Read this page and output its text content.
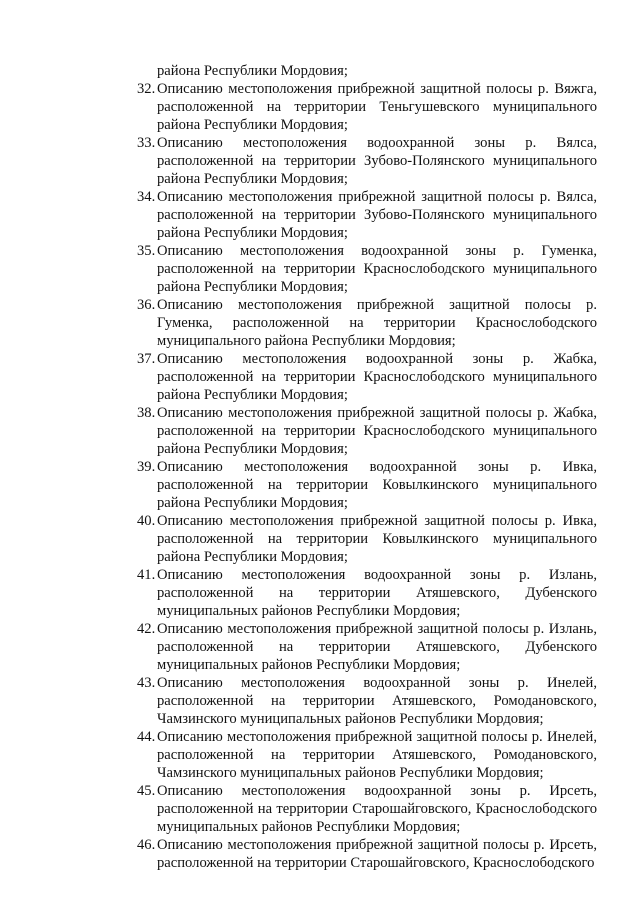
района Республики Мордовия;
32. Описанию местоположения прибрежной защитной полосы р. Вяжга, расположенной на территории Теньгушевского муниципального района Республики Мордовия;
33. Описанию местоположения водоохранной зоны р. Вялса, расположенной на территории Зубово-Полянского муниципального района Республики Мордовия;
34. Описанию местоположения прибрежной защитной полосы р. Вялса, расположенной на территории Зубово-Полянского муниципального района Республики Мордовия;
35. Описанию местоположения водоохранной зоны р. Гуменка, расположенной на территории Краснослободского муниципального района Республики Мордовия;
36. Описанию местоположения прибрежной защитной полосы р. Гуменка, расположенной на территории Краснослободского муниципального района Республики Мордовия;
37. Описанию местоположения водоохранной зоны р. Жабка, расположенной на территории Краснослободского муниципального района Республики Мордовия;
38. Описанию местоположения прибрежной защитной полосы р. Жабка, расположенной на территории Краснослободского муниципального района Республики Мордовия;
39. Описанию местоположения водоохранной зоны р. Ивка, расположенной на территории Ковылкинского муниципального района Республики Мордовия;
40. Описанию местоположения прибрежной защитной полосы р. Ивка, расположенной на территории Ковылкинского муниципального района Республики Мордовия;
41. Описанию местоположения водоохранной зоны р. Излань, расположенной на территории Атяшевского, Дубенского муниципальных районов Республики Мордовия;
42. Описанию местоположения прибрежной защитной полосы р. Излань, расположенной на территории Атяшевского, Дубенского муниципальных районов Республики Мордовия;
43. Описанию местоположения водоохранной зоны р. Инелей, расположенной на территории Атяшевского, Ромодановского, Чамзинского муниципальных районов Республики Мордовия;
44. Описанию местоположения прибрежной защитной полосы р. Инелей, расположенной на территории Атяшевского, Ромодановского, Чамзинского муниципальных районов Республики Мордовия;
45. Описанию местоположения водоохранной зоны р. Ирсеть, расположенной на территории Старошайговского, Краснослободского муниципальных районов Республики Мордовия;
46. Описанию местоположения прибрежной защитной полосы р. Ирсеть, расположенной на территории Старошайговского, Краснослободского
